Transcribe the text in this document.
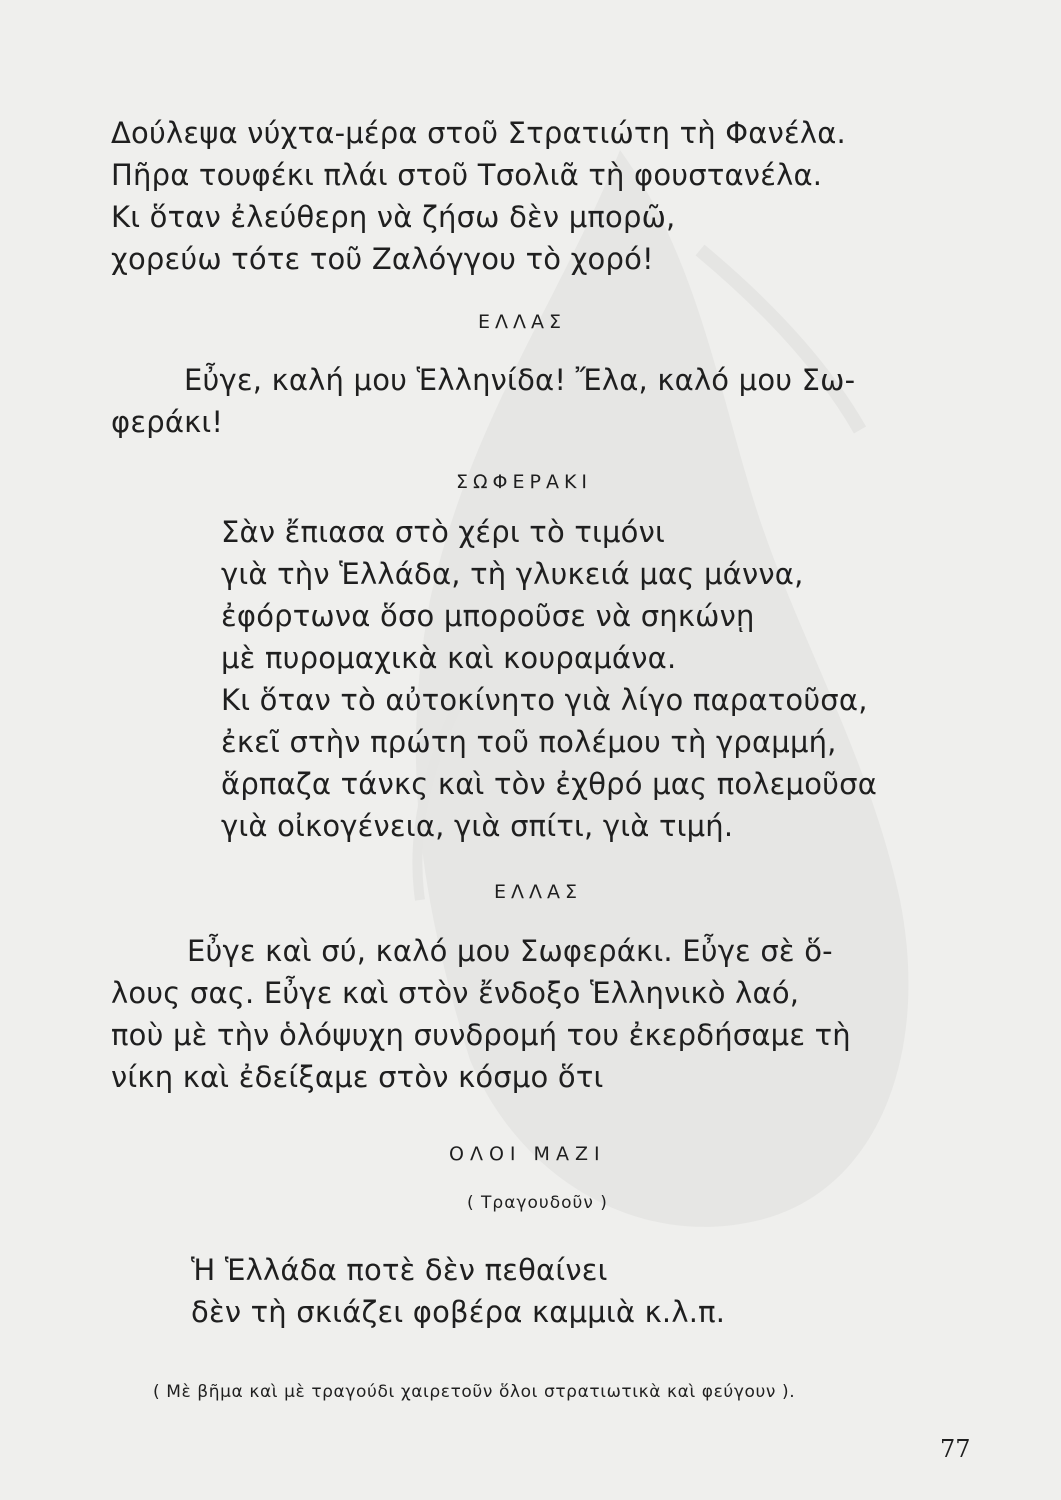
Δούλεψα νύχτα-μέρα στοῦ Στρατιώτη τὴ Φανέλα.
Πῆρα τουφέκι πλάι στοῦ Τσολιᾶ τὴ φουστανέλα.
Κι ὅταν ἐλεύθερη νὰ ζήσω δὲν μπορῶ,
χορεύω τότε τοῦ Ζαλόγγου τὸ χορό!
ΕΛΛΑΣ
Εὖγε, καλή μου Ἑλληνίδα! Ἔλα, καλό μου Σω-
φεράκι!
ΣΩΦΕΡΑΚΙ
Σὰν ἔπιασα στὸ χέρι τὸ τιμόνι
γιὰ τὴν Ἑλλάδα, τὴ γλυκειά μας μάννα,
ἐφόρτωνα ὅσο μποροῦσε νὰ σηκώνῃ
μὲ πυρομαχικὰ καὶ κουραμάνα.
Κι ὅταν τὸ αὐτοκίνητο γιὰ λίγο παρατοῦσα,
ἐκεῖ στὴν πρώτη τοῦ πολέμου τὴ γραμμή,
ἅρπαζα τάνκς καὶ τὸν ἐχθρό μας πολεμοῦσα
γιὰ οἰκογένεια, γιὰ σπίτι, γιὰ τιμή.
ΕΛΛΑΣ
Εὖγε καὶ σύ, καλό μου Σωφεράκι. Εὖγε σὲ ὅ-
λους σας. Εὖγε καὶ στὸν ἔνδοξο Ἑλληνικὸ λαό,
ποὺ μὲ τὴν ὁλόψυχη συνδρομή του ἐκερδήσαμε τὴ
νίκη καὶ ἐδείξαμε στὸν κόσμο ὅτι
ΟΛΟΙ ΜΑΖΙ
( Τραγουδοῦν )
Ἡ Ἑλλάδα ποτὲ δὲν πεθαίνει
δὲν τὴ σκιάζει φοβέρα καμμιὰ κ.λ.π.
( Μὲ βῆμα καὶ μὲ τραγούδι χαιρετοῦν ὅλοι στρατιωτικὰ καὶ φεύγουν ).
77
